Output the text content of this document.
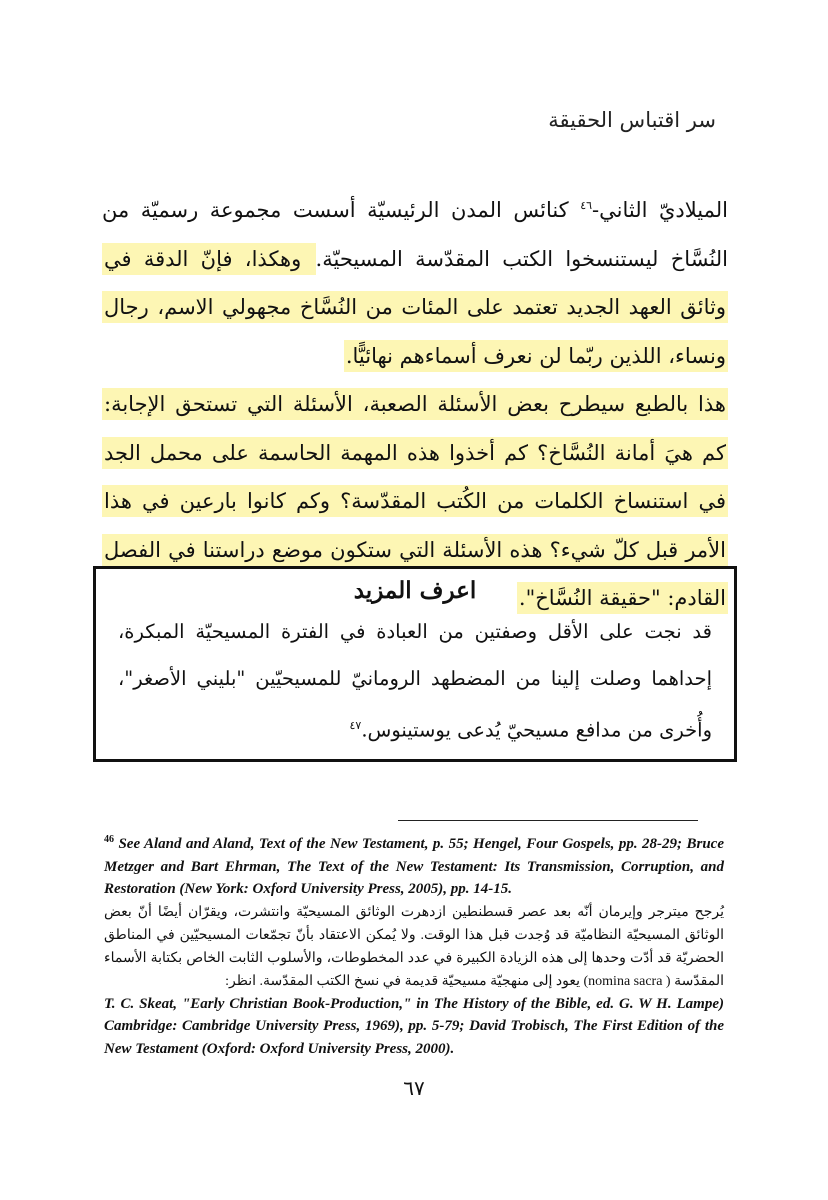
سر اقتباس الحقيقة

الميلاديّ الثاني-$^{٤٦}$ كنائس المدن الرئيسيّة أسست مجموعة رسميّة من النُسَّاخ ليستنسخوا الكتب المقدّسة المسيحيّة. وهكذا، فإنّ الدقة في وثائق العهد الجديد تعتمد على المئات من النُسَّاخ مجهولي الاسم، رجال ونساء، اللذين ربّما لن نعرف أسماءهم نهائيًّا.

هذا بالطبع سيطرح بعض الأسئلة الصعبة، الأسئلة التي تستحق الإجابة: كم هيَ أمانة النُسَّاخ؟ كم أخذوا هذه المهمة الحاسمة على محمل الجد في استنساخ الكلمات من الكُتب المقدّسة؟ وكم كانوا بارعين في هذا الأمر قبل كلّ شيء؟ هذه الأسئلة التي ستكون موضع دراستنا في الفصل القادم: "حقيقة النُسَّاخ".

اعرف المزيد

قد نجت على الأقل وصفتين من العبادة في الفترة المسيحيّة المبكرة، إحداهما وصلت إلينا من المضطهد الرومانيّ للمسيحيّين "بليني الأصغر"، وأُخرى من مدافع مسيحيّ يُدعى يوستينوس.$^{٤٧}$

$^{46}$ See Aland and Aland, Text of the New Testament, p. 55; Hengel, Four Gospels, pp. 28-29; Bruce Metzger and Bart Ehrman, The Text of the New Testament: Its Transmission, Corruption, and Restoration (New York: Oxford University Press, 2005), pp. 14-15.

يُرجح ميترجر وإيرمان أنّه بعد عصر قسطنطين ازدهرت الوثائق المسيحيّة وانتشرت، ويقرّان أيضًا أنّ بعض الوثائق المسيحيّة النظاميّة قد وُجدت قبل هذا الوقت. ولا يُمكن الاعتقاد بأنّ تجمّعات المسيحيّين في المناطق الحضريّة قد أدّت وحدها إلى هذه الزيادة الكبيرة في عدد المخطوطات، والأسلوب الثابت الخاص بكتابة الأسماء المقدّسة ( nomina sacra) يعود إلى منهجيّة مسيحيّة قديمة في نسخ الكتب المقدّسة. انظر:

T. C. Skeat, "Early Christian Book-Production," in The History of the Bible, ed. G. W H. Lampe) Cambridge: Cambridge University Press, 1969), pp. 5-79; David Trobisch, The First Edition of the New Testament (Oxford: Oxford University Press, 2000).

٦٧
